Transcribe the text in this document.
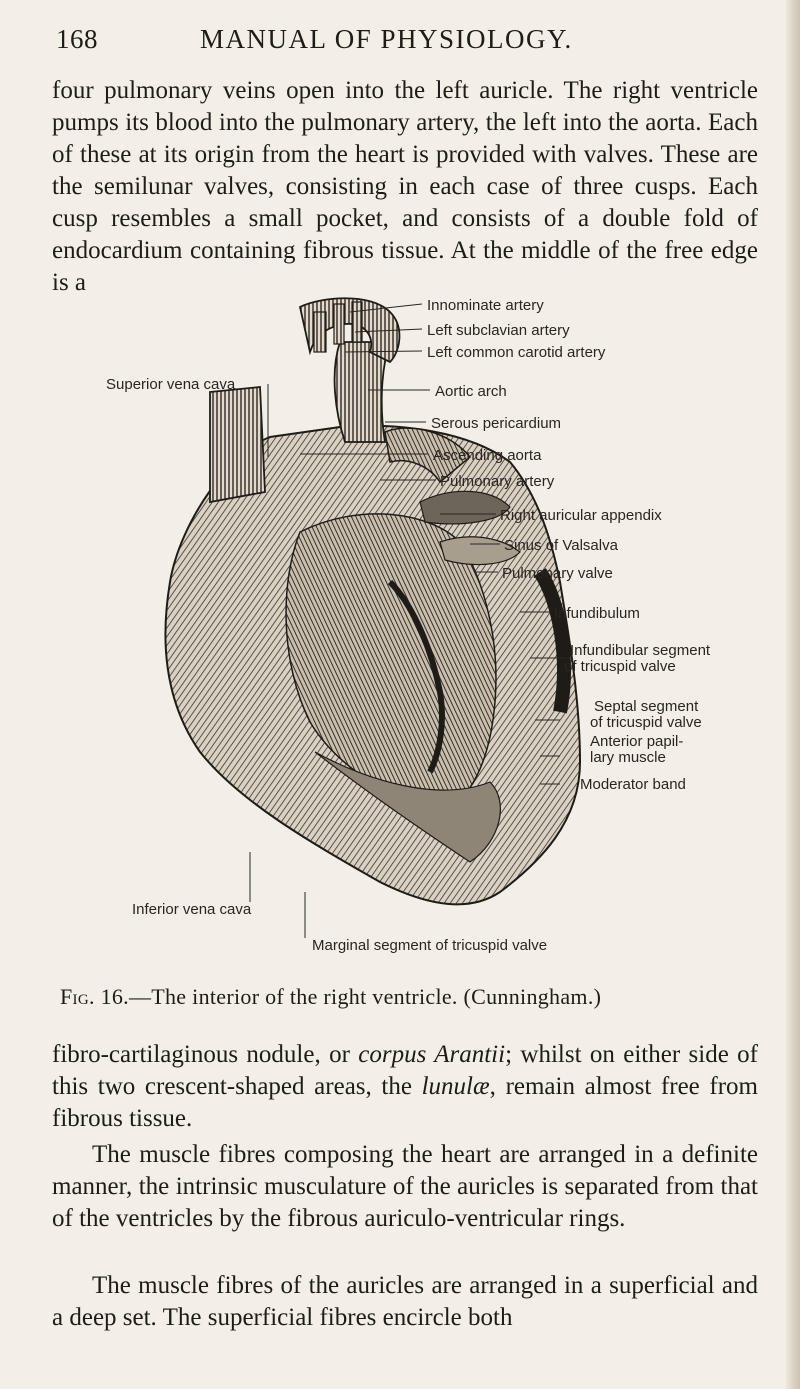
168	MANUAL OF PHYSIOLOGY.

four pulmonary veins open into the left auricle. The right ventricle pumps its blood into the pulmonary artery, the left into the aorta. Each of these at its origin from the heart is provided with valves. These are the semilunar valves, consisting in each case of three cusps. Each cusp resembles a small pocket, and consists of a double fold of endocardium containing fibrous tissue. At the middle of the free edge is a

Innominate artery
Left subclavian artery
Left common carotid artery
Superior vena cava	Aortic arch
Serous pericardium
Ascending aorta
Pulmonary artery
Right auricular appendix
Sinus of Valsalva
Pulmonary valve
Infundibulum
Infundibular segment
of tricuspid valve
Septal segment
of tricuspid valve
Anterior papil-
lary muscle
Moderator band
Inferior vena cava
Marginal segment of tricuspid valve
Fig. 16.—The interior of the right ventricle. (Cunningham.)

fibro-cartilaginous nodule, or corpus Arantii; whilst on either side of this two crescent-shaped areas, the lunulæ, remain almost free from fibrous tissue.

The muscle fibres composing the heart are arranged in a definite manner, the intrinsic musculature of the auricles is separated from that of the ventricles by the fibrous auriculo-ventricular rings.

The muscle fibres of the auricles are arranged in a superficial and a deep set. The superficial fibres encircle both
